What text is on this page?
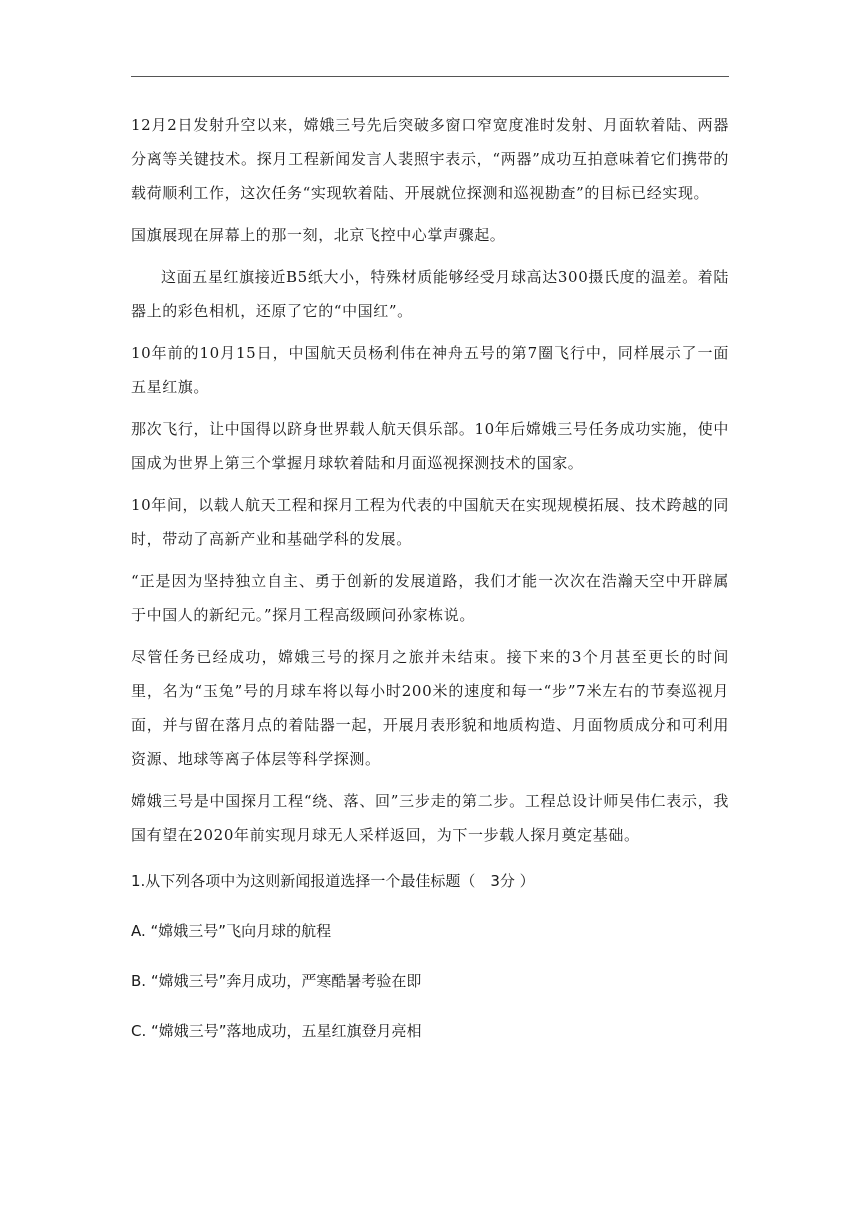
12月2日发射升空以来，嫦娥三号先后突破多窗口窄宽度准时发射、月面软着陆、两器分离等关键技术。探月工程新闻发言人裴照宇表示，“两器”成功互拍意味着它们携带的载荷顺利工作，这次任务“实现软着陆、开展就位探测和巡视勘查”的目标已经实现。

国旗展现在屏幕上的那一刻，北京飞控中心掌声骤起。

这面五星红旗接近B5纸大小，特殊材质能够经受月球高达300摄氏度的温差。着陆器上的彩色相机，还原了它的“中国红”。

10年前的10月15日，中国航天员杨利伟在神舟五号的第7圈飞行中，同样展示了一面五星红旗。

那次飞行，让中国得以跻身世界载人航天俱乐部。10年后嫦娥三号任务成功实施，使中国成为世界上第三个掌握月球软着陆和月面巡视探测技术的国家。

10年间，以载人航天工程和探月工程为代表的中国航天在实现规模拓展、技术跨越的同时，带动了高新产业和基础学科的发展。

“正是因为坚持独立自主、勇于创新的发展道路，我们才能一次次在浩瀚天空中开辟属于中国人的新纪元。”探月工程高级顾问孙家栋说。

尽管任务已经成功，嫦娥三号的探月之旅并未结束。接下来的3个月甚至更长的时间里，名为“玉兔”号的月球车将以每小时200米的速度和每一“步”7米左右的节奏巡视月面，并与留在落月点的着陆器一起，开展月表形貌和地质构造、月面物质成分和可利用资源、地球等离子体层等科学探测。

嫦娥三号是中国探月工程“绕、落、回”三步走的第二步。工程总设计师吴伟仁表示，我国有望在2020年前实现月球无人采样返回，为下一步载人探月奠定基础。

1.从下列各项中为这则新闻报道选择一个最佳标题（　3分 ）

A. “嫦娥三号”飞向月球的航程

B. “嫦娥三号”奔月成功，严寒酷暑考验在即

C. “嫦娥三号”落地成功，五星红旗登月亮相
